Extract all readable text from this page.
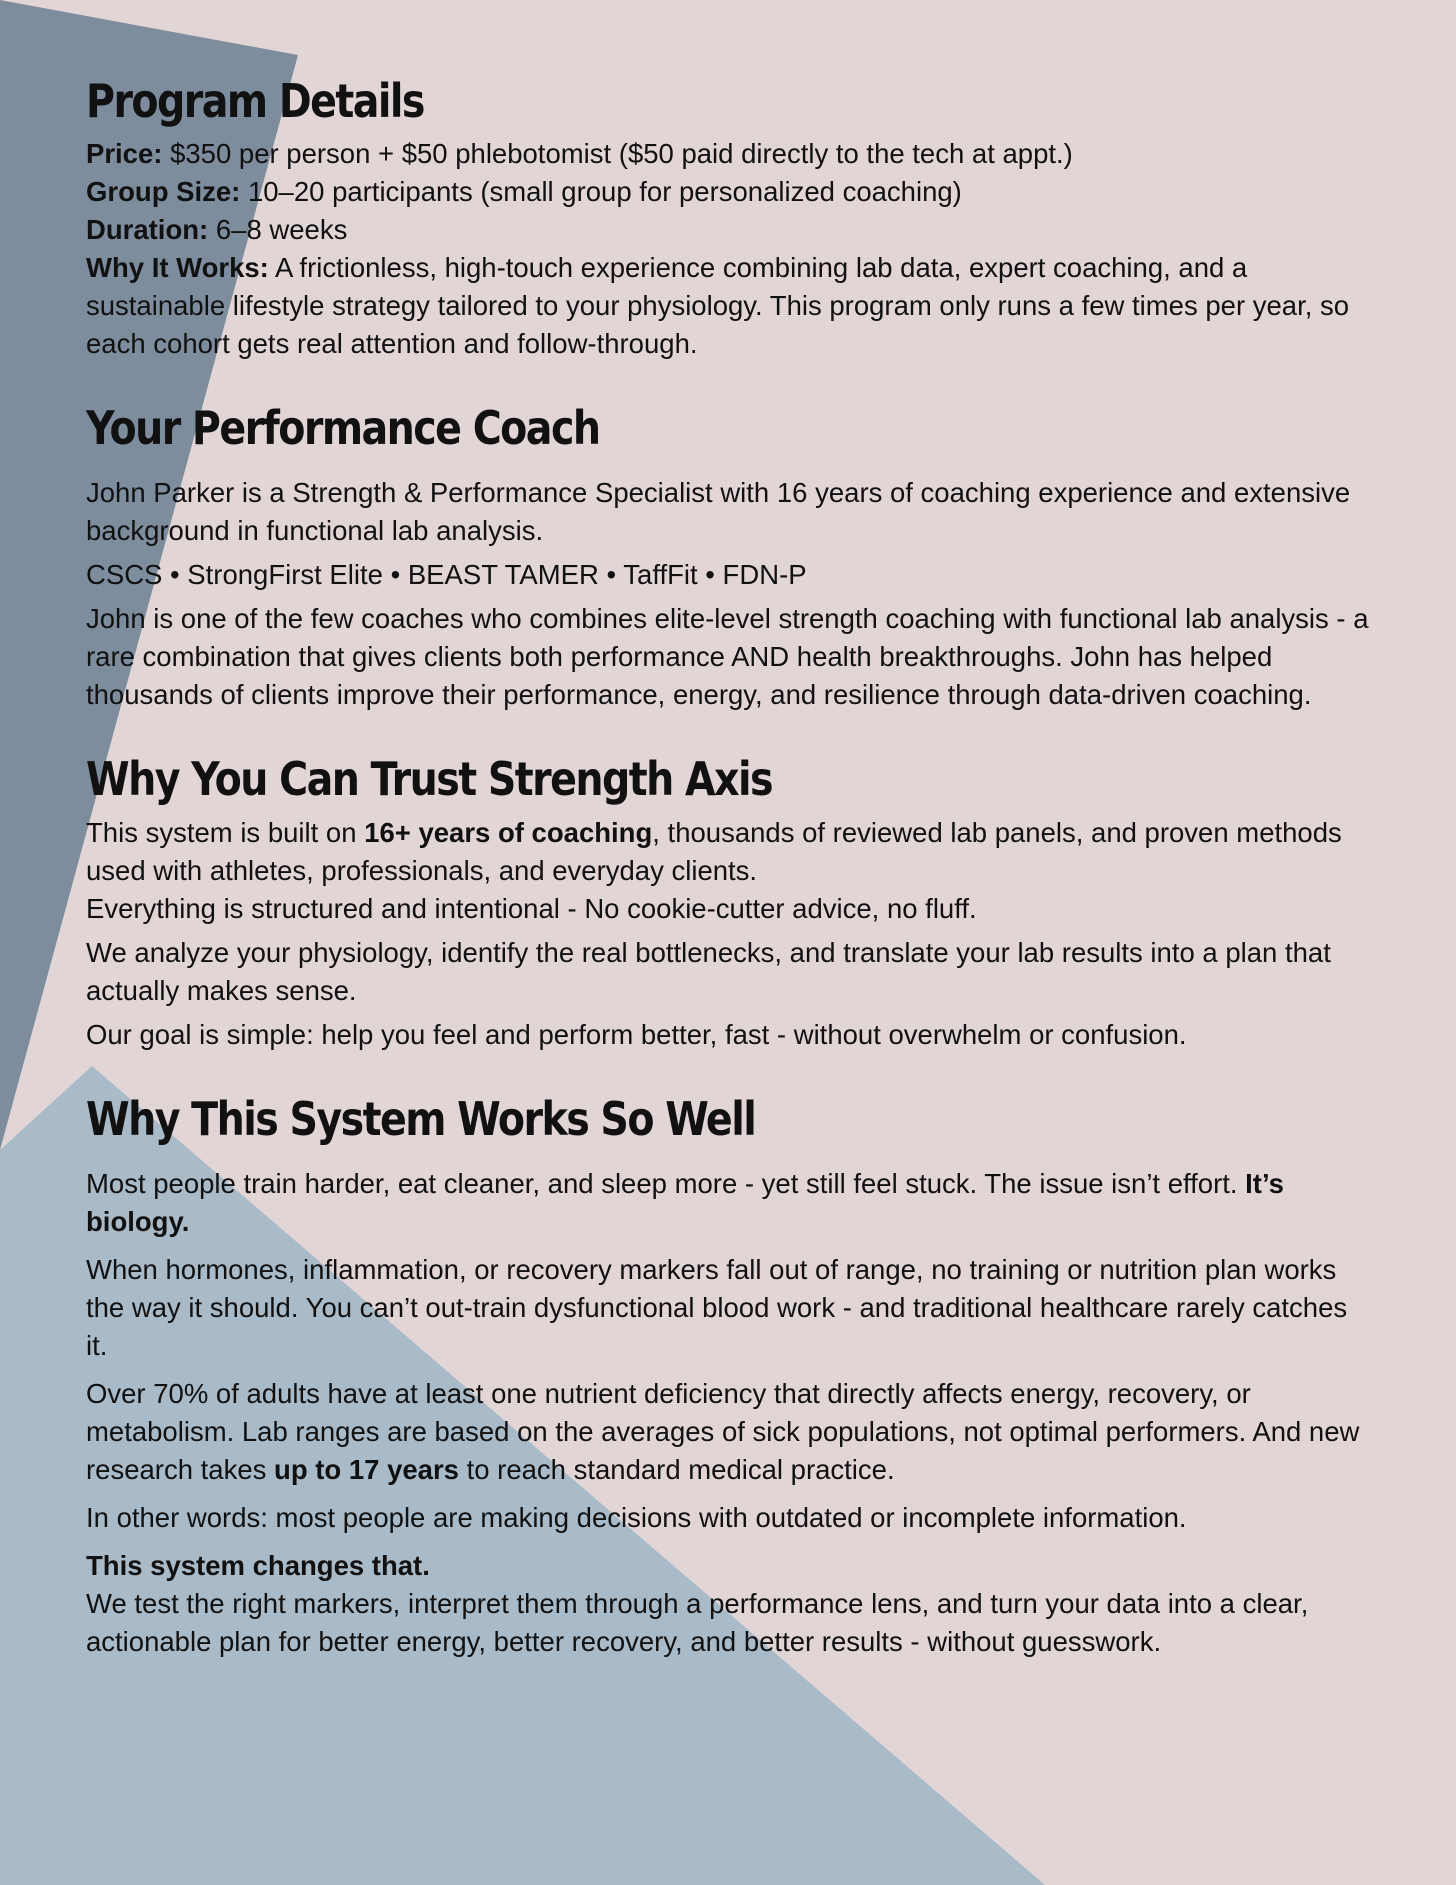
Program Details

Price: $350 per person + $50 phlebotomist ($50 paid directly to the tech at appt.)

Group Size: 10–20 participants (small group for personalized coaching)

Duration: 6–8 weeks

Why It Works: A frictionless, high-touch experience combining lab data, expert coaching, and a sustainable lifestyle strategy tailored to your physiology. This program only runs a few times per year, so each cohort gets real attention and follow-through.

Your Performance Coach

John Parker is a Strength & Performance Specialist with 16 years of coaching experience and extensive background in functional lab analysis.

CSCS • StrongFirst Elite • BEAST TAMER • TaffFit • FDN-P

John is one of the few coaches who combines elite-level strength coaching with functional lab analysis - a rare combination that gives clients both performance AND health breakthroughs. John has helped thousands of clients improve their performance, energy, and resilience through data-driven coaching.

Why You Can Trust Strength Axis

This system is built on 16+ years of coaching, thousands of reviewed lab panels, and proven methods used with athletes, professionals, and everyday clients.

Everything is structured and intentional - No cookie-cutter advice, no fluff.

We analyze your physiology, identify the real bottlenecks, and translate your lab results into a plan that actually makes sense.

Our goal is simple: help you feel and perform better, fast - without overwhelm or confusion.

Why This System Works So Well

Most people train harder, eat cleaner, and sleep more - yet still feel stuck. The issue isn’t effort. It’s biology.

When hormones, inflammation, or recovery markers fall out of range, no training or nutrition plan works the way it should. You can’t out-train dysfunctional blood work - and traditional healthcare rarely catches it.

Over 70% of adults have at least one nutrient deficiency that directly affects energy, recovery, or metabolism. Lab ranges are based on the averages of sick populations, not optimal performers. And new research takes up to 17 years to reach standard medical practice.

In other words: most people are making decisions with outdated or incomplete information.

This system changes that.

We test the right markers, interpret them through a performance lens, and turn your data into a clear, actionable plan for better energy, better recovery, and better results - without guesswork.
